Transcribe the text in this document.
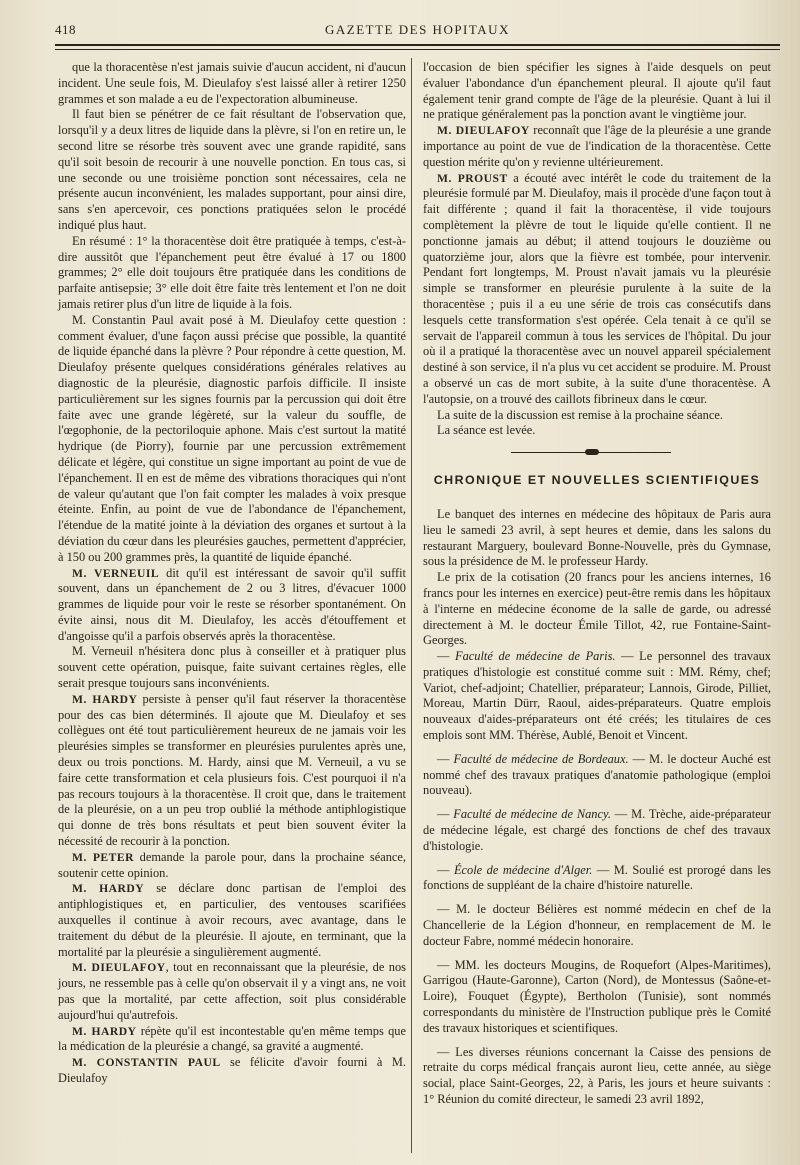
418	GAZETTE DES HOPITAUX

que la thoracentèse n'est jamais suivie d'aucun accident, ni d'aucun incident. Une seule fois, M. Dieulafoy s'est laissé aller à retirer 1250 grammes et son malade a eu de l'expectoration albumineuse.

Il faut bien se pénétrer de ce fait résultant de l'observation que, lorsqu'il y a deux litres de liquide dans la plèvre, si l'on en retire un, le second litre se résorbe très souvent avec une grande rapidité, sans qu'il soit besoin de recourir à une nouvelle ponction. En tous cas, si une seconde ou une troisième ponction sont nécessaires, cela ne présente aucun inconvénient, les malades supportant, pour ainsi dire, sans s'en apercevoir, ces ponctions pratiquées selon le procédé indiqué plus haut.

En résumé : 1° la thoracentèse doit être pratiquée à temps, c'est-à-dire aussitôt que l'épanchement peut être évalué à 17 ou 1800 grammes; 2° elle doit toujours être pratiquée dans les conditions de parfaite antisepsie; 3° elle doit être faite très lentement et l'on ne doit jamais retirer plus d'un litre de liquide à la fois.

M. Constantin Paul avait posé à M. Dieulafoy cette question : comment évaluer, d'une façon aussi précise que possible, la quantité de liquide épanché dans la plèvre ? Pour répondre à cette question, M. Dieulafoy présente quelques considérations générales relatives au diagnostic de la pleurésie, diagnostic parfois difficile. Il insiste particulièrement sur les signes fournis par la percussion qui doit être faite avec une grande légèreté, sur la valeur du souffle, de l'œgophonie, de la pectoriloquie aphone. Mais c'est surtout la matité hydrique (de Piorry), fournie par une percussion extrêmement délicate et légère, qui constitue un signe important au point de vue de l'épanchement. Il en est de même des vibrations thoraciques qui n'ont de valeur qu'autant que l'on fait compter les malades à voix presque éteinte. Enfin, au point de vue de l'abondance de l'épanchement, l'étendue de la matité jointe à la déviation des organes et surtout à la déviation du cœur dans les pleurésies gauches, permettent d'apprécier, à 150 ou 200 grammes près, la quantité de liquide épanché.

M. VERNEUIL dit qu'il est intéressant de savoir qu'il suffit souvent, dans un épanchement de 2 ou 3 litres, d'évacuer 1000 grammes de liquide pour voir le reste se résorber spontanément. On évite ainsi, nous dit M. Dieulafoy, les accès d'étouffement et d'angoisse qu'il a parfois observés après la thoracentèse.

M. Verneuil n'hésitera donc plus à conseiller et à pratiquer plus souvent cette opération, puisque, faite suivant certaines règles, elle serait presque toujours sans inconvénients.

M. HARDY persiste à penser qu'il faut réserver la thoracentèse pour des cas bien déterminés. Il ajoute que M. Dieulafoy et ses collègues ont été tout particulièrement heureux de ne jamais voir les pleurésies simples se transformer en pleurésies purulentes après une, deux ou trois ponctions. M. Hardy, ainsi que M. Verneuil, a vu se faire cette transformation et cela plusieurs fois. C'est pourquoi il n'a pas recours toujours à la thoracentèse. Il croit que, dans le traitement de la pleurésie, on a un peu trop oublié la méthode antiphlogistique qui donne de très bons résultats et peut bien souvent éviter la nécessité de recourir à la ponction.

M. PETER demande la parole pour, dans la prochaine séance, soutenir cette opinion.

M. HARDY se déclare donc partisan de l'emploi des antiphlogistiques et, en particulier, des ventouses scarifiées auxquelles il continue à avoir recours, avec avantage, dans le traitement du début de la pleurésie. Il ajoute, en terminant, que la mortalité par la pleurésie a singulièrement augmenté.

M. DIEULAFOY, tout en reconnaissant que la pleurésie, de nos jours, ne ressemble pas à celle qu'on observait il y a vingt ans, ne voit pas que la mortalité, par cette affection, soit plus considérable aujourd'hui qu'autrefois.

M. HARDY répète qu'il est incontestable qu'en même temps que la médication de la pleurésie a changé, sa gravité a augmenté.

M. CONSTANTIN PAUL se félicite d'avoir fourni à M. Dieulafoy

l'occasion de bien spécifier les signes à l'aide desquels on peut évaluer l'abondance d'un épanchement pleural. Il ajoute qu'il faut également tenir grand compte de l'âge de la pleurésie. Quant à lui il ne pratique généralement pas la ponction avant le vingtième jour.

M. DIEULAFOY reconnaît que l'âge de la pleurésie a une grande importance au point de vue de l'indication de la thoracentèse. Cette question mérite qu'on y revienne ultérieurement.

M. PROUST a écouté avec intérêt le code du traitement de la pleurésie formulé par M. Dieulafoy, mais il procède d'une façon tout à fait différente ; quand il fait la thoracentèse, il vide toujours complètement la plèvre de tout le liquide qu'elle contient. Il ne ponctionne jamais au début; il attend toujours le douzième ou quatorzième jour, alors que la fièvre est tombée, pour intervenir. Pendant fort longtemps, M. Proust n'avait jamais vu la pleurésie simple se transformer en pleurésie purulente à la suite de la thoracentèse ; puis il a eu une série de trois cas consécutifs dans lesquels cette transformation s'est opérée. Cela tenait à ce qu'il se servait de l'appareil commun à tous les services de l'hôpital. Du jour où il a pratiqué la thoracentèse avec un nouvel appareil spécialement destiné à son service, il n'a plus vu cet accident se produire. M. Proust a observé un cas de mort subite, à la suite d'une thoracentèse. A l'autopsie, on a trouvé des caillots fibrineux dans le cœur.

La suite de la discussion est remise à la prochaine séance.

La séance est levée.

CHRONIQUE ET NOUVELLES SCIENTIFIQUES

Le banquet des internes en médecine des hôpitaux de Paris aura lieu le samedi 23 avril, à sept heures et demie, dans les salons du restaurant Marguery, boulevard Bonne-Nouvelle, près du Gymnase, sous la présidence de M. le professeur Hardy.

Le prix de la cotisation (20 francs pour les anciens internes, 16 francs pour les internes en exercice) peut-être remis dans les hôpitaux à l'interne en médecine économe de la salle de garde, ou adressé directement à M. le docteur Émile Tillot, 42, rue Fontaine-Saint-Georges.

— Faculté de médecine de Paris. — Le personnel des travaux pratiques d'histologie est constitué comme suit : MM. Rémy, chef; Variot, chef-adjoint; Chatellier, préparateur; Lannois, Girode, Pilliet, Moreau, Martin Dürr, Raoul, aides-préparateurs. Quatre emplois nouveaux d'aides-préparateurs ont été créés; les titulaires de ces emplois sont MM. Thérèse, Aublé, Benoit et Vincent.

— Faculté de médecine de Bordeaux. — M. le docteur Auché est nommé chef des travaux pratiques d'anatomie pathologique (emploi nouveau).

— Faculté de médecine de Nancy. — M. Trèche, aide-préparateur de médecine légale, est chargé des fonctions de chef des travaux d'histologie.

— École de médecine d'Alger. — M. Soulié est prorogé dans les fonctions de suppléant de la chaire d'histoire naturelle.

— M. le docteur Bélières est nommé médecin en chef de la Chancellerie de la Légion d'honneur, en remplacement de M. le docteur Fabre, nommé médecin honoraire.

— MM. les docteurs Mougins, de Roquefort (Alpes-Maritimes), Garrigou (Haute-Garonne), Carton (Nord), de Montessus (Saône-et-Loire), Fouquet (Égypte), Bertholon (Tunisie), sont nommés correspondants du ministère de l'Instruction publique près le Comité des travaux historiques et scientifiques.

— Les diverses réunions concernant la Caisse des pensions de retraite du corps médical français auront lieu, cette année, au siège social, place Saint-Georges, 22, à Paris, les jours et heure suivants : 1° Réunion du comité directeur, le samedi 23 avril 1892,
